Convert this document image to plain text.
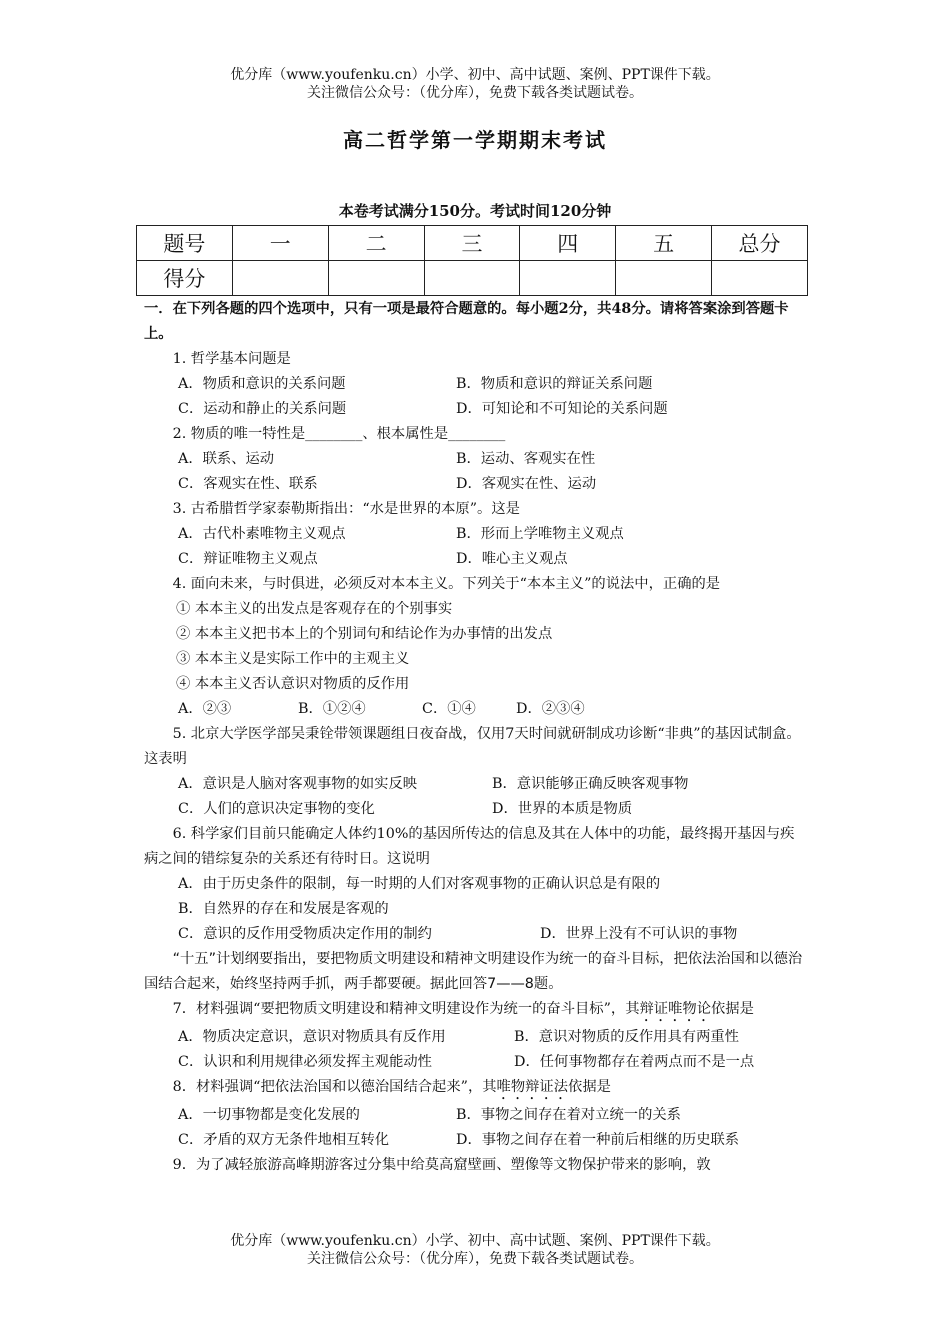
优分库（www.youfenku.cn）小学、初中、高中试题、案例、PPT课件下载。
关注微信公众号：（优分库），免费下载各类试题试卷。
高二哲学第一学期期末考试
本卷考试满分150分。考试时间120分钟
题号	一	二	三	四	五	总分
得分						

一．在下列各题的四个选项中，只有一项是最符合题意的。每小题2分，共48分。请将答案涂到答题卡上。

1. 哲学基本问题是

A．物质和意识的关系问题	B．物质和意识的辩证关系问题

C．运动和静止的关系问题	D．可知论和不可知论的关系问题

2. 物质的唯一特性是________、根本属性是________

A．联系、运动	B．运动、客观实在性

C．客观实在性、联系	D．客观实在性、运动

3. 古希腊哲学家泰勒斯指出：“水是世界的本原”。这是

A．古代朴素唯物主义观点	B．形而上学唯物主义观点

C．辩证唯物主义观点	D．唯心主义观点

4. 面向未来，与时俱进，必须反对本本主义。下列关于“本本主义”的说法中，正确的是

① 本本主义的出发点是客观存在的个别事实

② 本本主义把书本上的个别词句和结论作为办事情的出发点

③ 本本主义是实际工作中的主观主义

④ 本本主义否认意识对物质的反作用

A．②③	B．①②④	C．①④	D．②③④

5. 北京大学医学部吴秉铨带领课题组日夜奋战，仅用7天时间就研制成功诊断“非典”的基因试制盒。这表明

A．意识是人脑对客观事物的如实反映	B．意识能够正确反映客观事物

C．人们的意识决定事物的变化	D．世界的本质是物质

6. 科学家们目前只能确定人体约10%的基因所传达的信息及其在人体中的功能，最终揭开基因与疾病之间的错综复杂的关系还有待时日。这说明

A．由于历史条件的限制，每一时期的人们对客观事物的正确认识总是有限的

B．自然界的存在和发展是客观的

C．意识的反作用受物质决定作用的制约	D．世界上没有不可认识的事物

“十五”计划纲要指出，要把物质文明建设和精神文明建设作为统一的奋斗目标，把依法治国和以德治国结合起来，始终坚持两手抓，两手都要硬。据此回答7——8题。

7．材料强调“要把物质文明建设和精神文明建设作为统一的奋斗目标”，其辩证唯物论依据是

A．物质决定意识，意识对物质具有反作用	B．意识对物质的反作用具有两重性

C．认识和利用规律必须发挥主观能动性	D．任何事物都存在着两点而不是一点

8．材料强调“把依法治国和以德治国结合起来”，其唯物辩证法依据是

A．一切事物都是变化发展的	B．事物之间存在着对立统一的关系

C．矛盾的双方无条件地相互转化	D．事物之间存在着一种前后相继的历史联系

9．为了减轻旅游高峰期游客过分集中给莫高窟壁画、塑像等文物保护带来的影响，敦

优分库（www.youfenku.cn）小学、初中、高中试题、案例、PPT课件下载。
关注微信公众号：（优分库），免费下载各类试题试卷。
